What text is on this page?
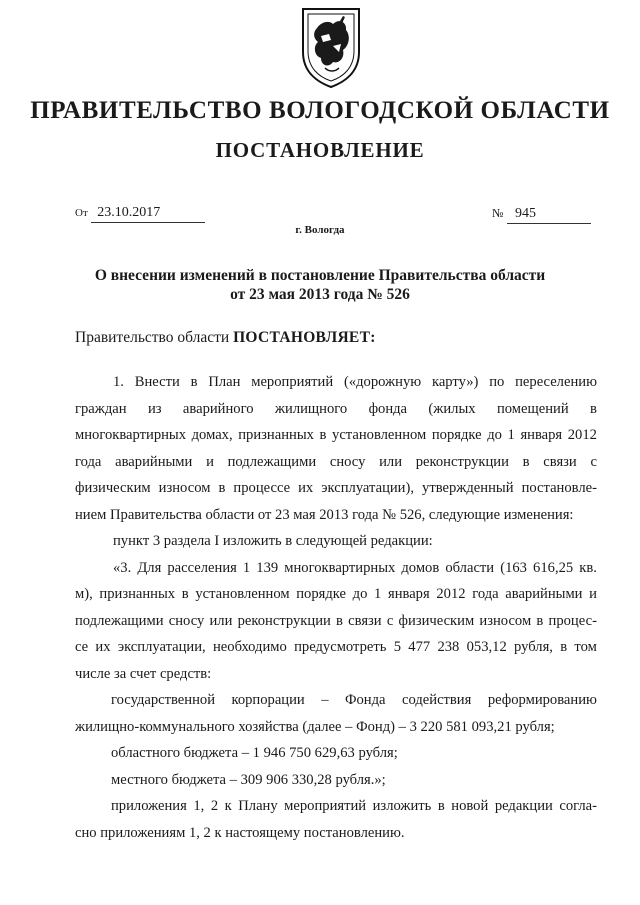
ПРАВИТЕЛЬСТВО ВОЛОГОДСКОЙ ОБЛАСТИ
ПОСТАНОВЛЕНИЕ
От 23.10.2017	№ 945
г. Вологда
О внесении изменений в постановление Правительства области
от 23 мая 2013 года № 526
Правительство области ПОСТАНОВЛЯЕТ:
1. Внести в План мероприятий («дорожную карту») по переселению
граждан из аварийного жилищного фонда (жилых помещений в
многоквартирных домах, признанных в установленном порядке до 1 января 2012
года аварийными и подлежащими сносу или реконструкции в связи с
физическим износом в процессе их эксплуатации), утвержденный постановле-
нием Правительства области от 23 мая 2013 года № 526, следующие изменения:
пункт 3 раздела I изложить в следующей редакции:
«3. Для расселения 1 139 многоквартирных домов области (163 616,25 кв.
м), признанных в установленном порядке до 1 января 2012 года аварийными и
подлежащими сносу или реконструкции в связи с физическим износом в процес-
се их эксплуатации, необходимо предусмотреть 5 477 238 053,12 рубля, в том
числе за счет средств:
государственной корпорации – Фонда содействия реформированию
жилищно-коммунального хозяйства (далее – Фонд) – 3 220 581 093,21 рубля;
областного бюджета – 1 946 750 629,63 рубля;
местного бюджета – 309 906 330,28 рубля.»;
приложения 1, 2 к Плану мероприятий изложить в новой редакции согла-
сно приложениям 1, 2 к настоящему постановлению.
